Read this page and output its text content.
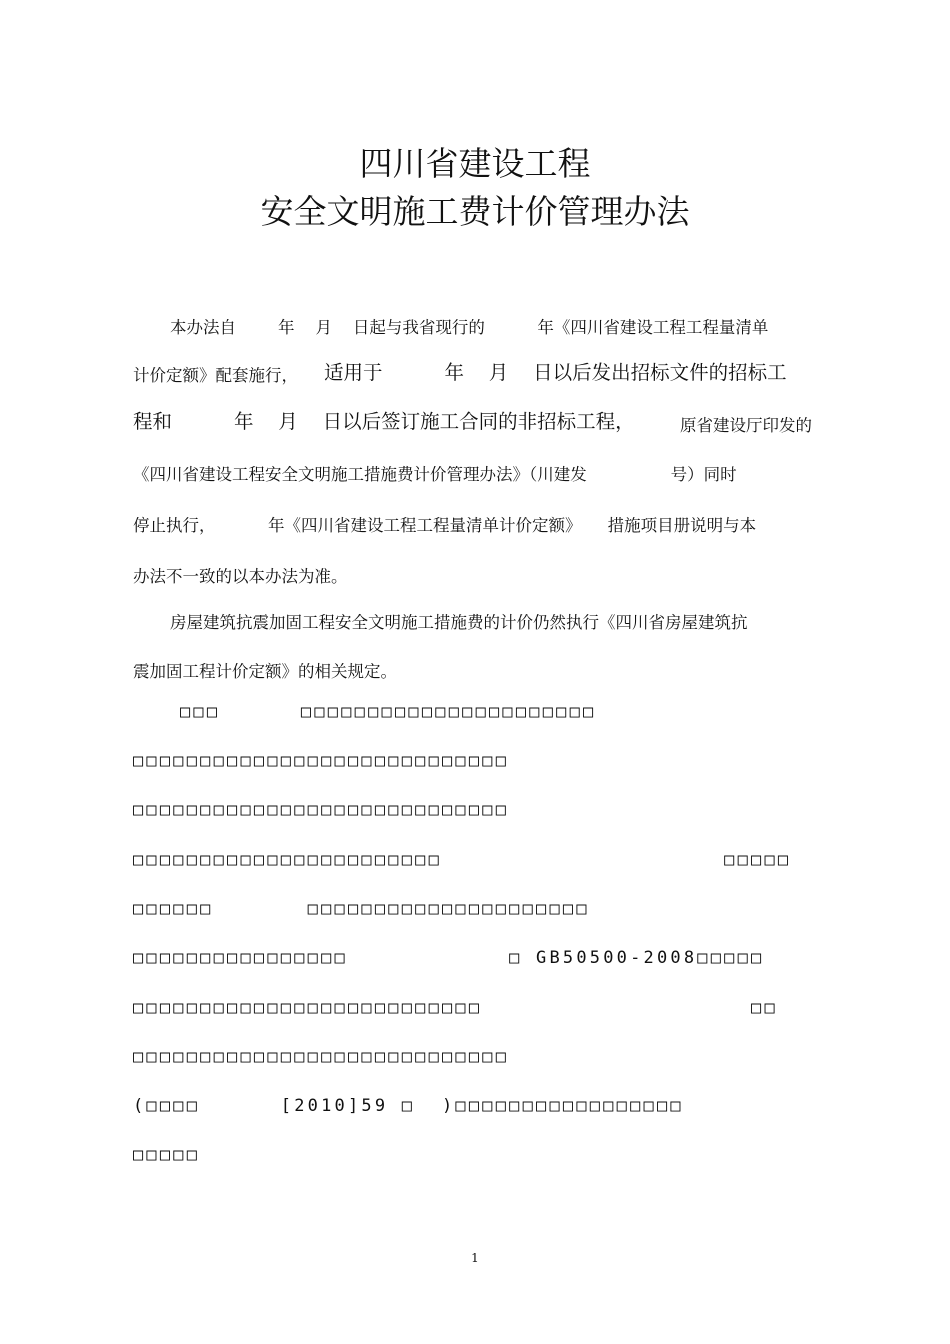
四川省建设工程
安全文明施工费计价管理办法
本办法自        年    月    日起与我省现行的          年《四川省建设工程工程量清单
计价定额》配套施行， 适用于          年    月    日以后发出招标文件的招标工
程和          年    月    日以后签订施工合同的非招标工程，	原省建设厅印发的
《四川省建设工程安全文明施工措施费计价管理办法》（川建发                号）同时
停止执行，          年《四川省建设工程工程量清单计价定额》     措施项目册说明与本
办法不一致的以本办法为准。
房屋建筑抗震加固工程安全文明施工措施费的计价仍然执行《四川省房屋建筑抗
震加固工程计价定额》的相关规定。
□□□      □□□□□□□□□□□□□□□□□□□□□□
□□□□□□□□□□□□□□□□□□□□□□□□□□□□
□□□□□□□□□□□□□□□□□□□□□□□□□□□□
□□□□□□□□□□□□□□□□□□□□□□□                     □□□□□
□□□□□□       □□□□□□□□□□□□□□□□□□□□□
□□□□□□□□□□□□□□□□            □ GB50500-2008□□□□□
□□□□□□□□□□□□□□□□□□□□□□□□□□                    □□
□□□□□□□□□□□□□□□□□□□□□□□□□□□□
(□□□□      [2010]59 □  )□□□□□□□□□□□□□□□□□
□□□□□
1
